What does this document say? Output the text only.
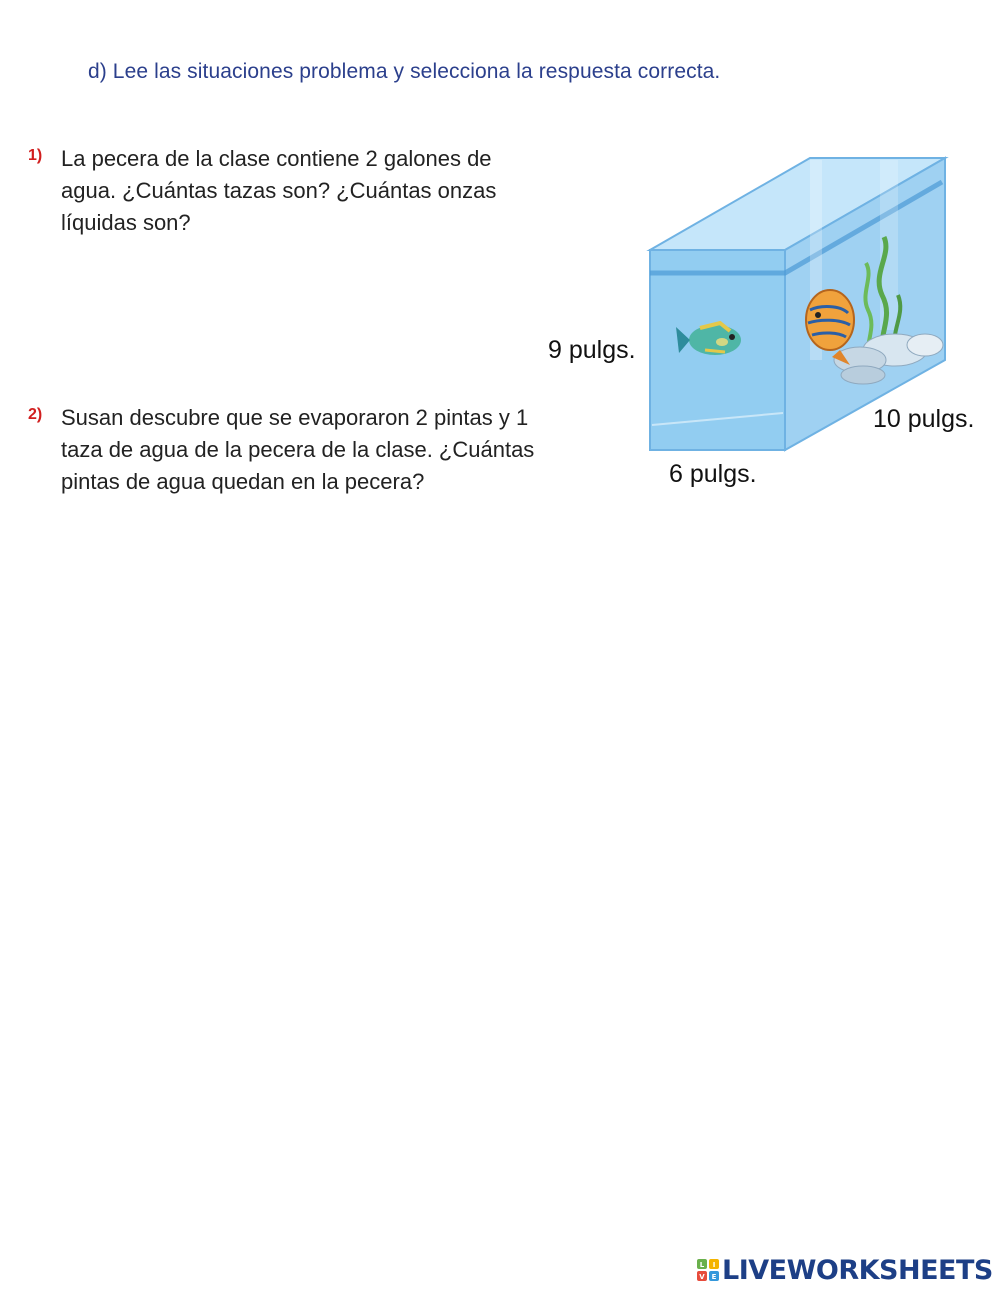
d) Lee las situaciones problema y selecciona la respuesta correcta.
1) La pecera de la clase contiene 2 galones de agua. ¿Cuántas tazas son? ¿Cuántas onzas líquidas son?
2) Susan descubre que se evaporaron 2 pintas y 1 taza de agua de la pecera de la clase. ¿Cuántas pintas de agua quedan en la pecera?
9 pulgs.
10 pulgs.
6 pulgs.
L I
V E LIVEWORKSHEETS
